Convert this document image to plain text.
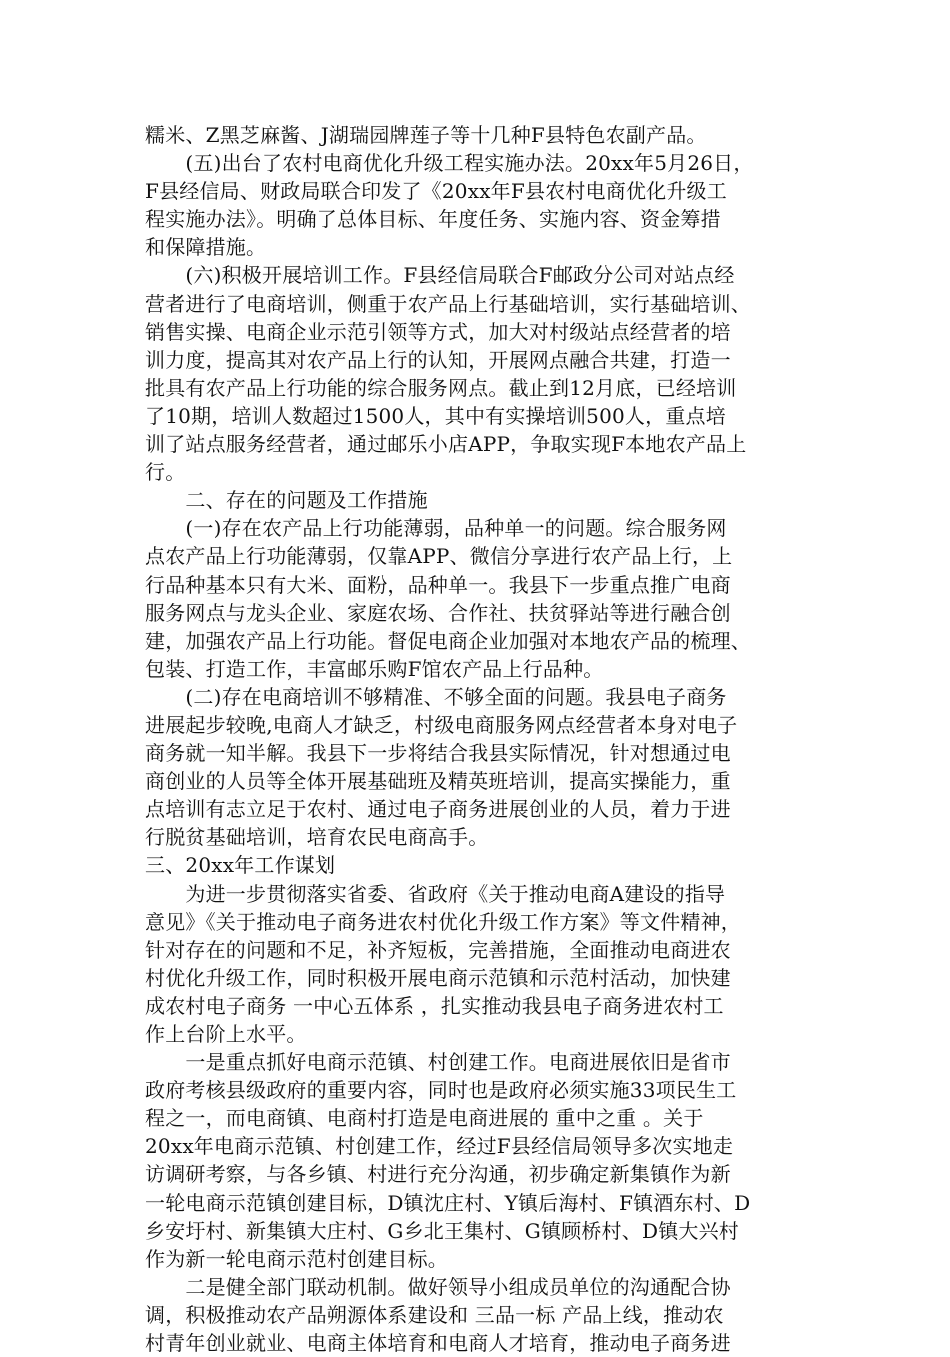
糯米、Z黑芝麻酱、J湖瑞园牌莲子等十几种F县特色农副产品。
　　(五)出台了农村电商优化升级工程实施办法。20xx年5月26日，
F县经信局、财政局联合印发了《20xx年F县农村电商优化升级工
程实施办法》。明确了总体目标、年度任务、实施内容、资金筹措
和保障措施。
　　(六)积极开展培训工作。F县经信局联合F邮政分公司对站点经
营者进行了电商培训，侧重于农产品上行基础培训，实行基础培训、
销售实操、电商企业示范引领等方式，加大对村级站点经营者的培
训力度，提高其对农产品上行的认知，开展网点融合共建，打造一
批具有农产品上行功能的综合服务网点。截止到12月底，已经培训
了10期，培训人数超过1500人，其中有实操培训500人，重点培
训了站点服务经营者，通过邮乐小店APP，争取实现F本地农产品上
行。
　　二、存在的问题及工作措施
　　(一)存在农产品上行功能薄弱，品种单一的问题。综合服务网
点农产品上行功能薄弱，仅靠APP、微信分享进行农产品上行，上
行品种基本只有大米、面粉，品种单一。我县下一步重点推广电商
服务网点与龙头企业、家庭农场、合作社、扶贫驿站等进行融合创
建，加强农产品上行功能。督促电商企业加强对本地农产品的梳理、
包装、打造工作，丰富邮乐购F馆农产品上行品种。
　　(二)存在电商培训不够精准、不够全面的问题。我县电子商务
进展起步较晚,电商人才缺乏，村级电商服务网点经营者本身对电子
商务就一知半解。我县下一步将结合我县实际情况，针对想通过电
商创业的人员等全体开展基础班及精英班培训，提高实操能力，重
点培训有志立足于农村、通过电子商务进展创业的人员，着力于进
行脱贫基础培训，培育农民电商高手。
三、20xx年工作谋划
　　为进一步贯彻落实省委、省政府《关于推动电商A建设的指导
意见》《关于推动电子商务进农村优化升级工作方案》等文件精神，
针对存在的问题和不足，补齐短板，完善措施，全面推动电商进农
村优化升级工作，同时积极开展电商示范镇和示范村活动，加快建
成农村电子商务 一中心五体系 ，扎实推动我县电子商务进农村工
作上台阶上水平。
　　一是重点抓好电商示范镇、村创建工作。电商进展依旧是省市
政府考核县级政府的重要内容，同时也是政府必须实施33项民生工
程之一，而电商镇、电商村打造是电商进展的 重中之重 。关于
20xx年电商示范镇、村创建工作，经过F县经信局领导多次实地走
访调研考察，与各乡镇、村进行充分沟通，初步确定新集镇作为新
一轮电商示范镇创建目标，D镇沈庄村、Y镇后海村、F镇酒东村、D
乡安圩村、新集镇大庄村、G乡北王集村、G镇顾桥村、D镇大兴村
作为新一轮电商示范村创建目标。
　　二是健全部门联动机制。做好领导小组成员单位的沟通配合协
调，积极推动农产品朔源体系建设和 三品一标 产品上线，推动农
村青年创业就业、电商主体培育和电商人才培育，推动电子商务进
